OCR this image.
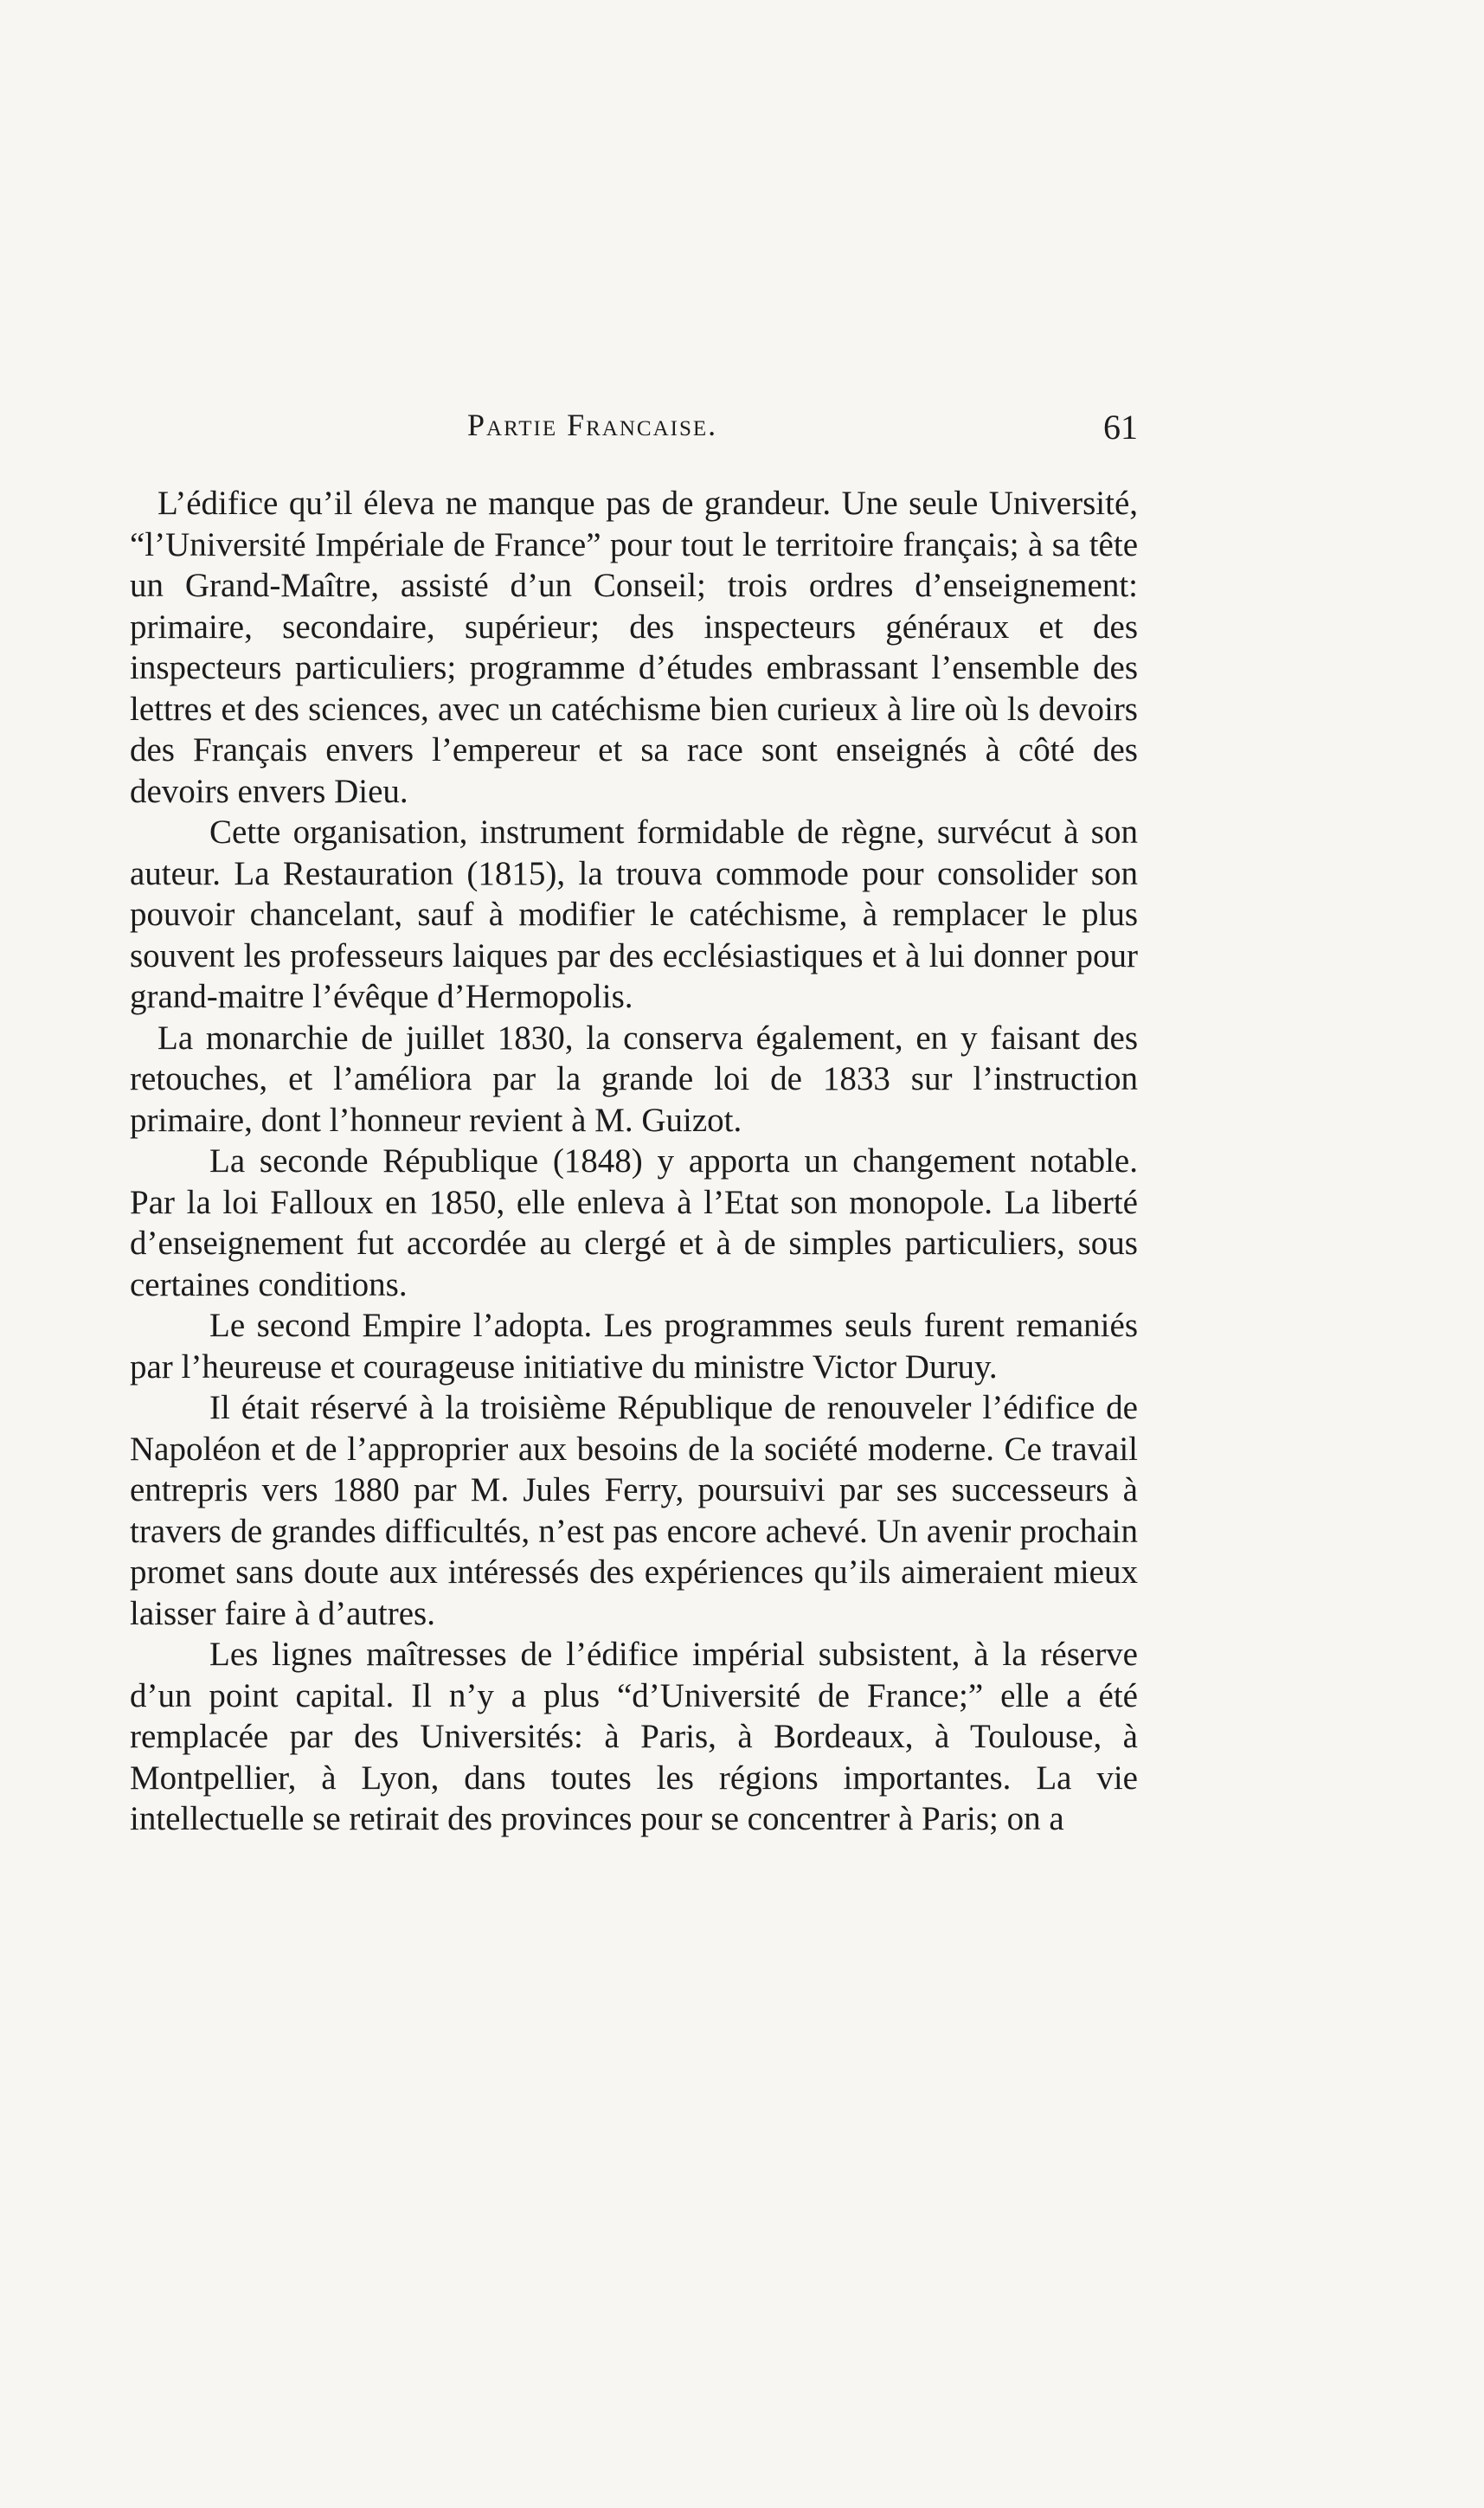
Partie Francaise.	61

L’édifice qu’il éleva ne manque pas de grandeur. Une seule Université, “l’Université Impériale de France” pour tout le territoire français; à sa tête un Grand-Maître, assisté d’un Conseil; trois ordres d’enseignement: primaire, secondaire, supérieur; des inspecteurs généraux et des inspecteurs particuliers; programme d’études embrassant l’ensemble des lettres et des sciences, avec un catéchisme bien curieux à lire où ls devoirs des Français envers l’empereur et sa race sont enseignés à côté des devoirs envers Dieu.

Cette organisation, instrument formidable de règne, survécut à son auteur. La Restauration (1815), la trouva commode pour consolider son pouvoir chancelant, sauf à modifier le catéchisme, à remplacer le plus souvent les professeurs laiques par des ecclésiastiques et à lui donner pour grand-maitre l’évêque d’Hermopolis.

La monarchie de juillet 1830, la conserva également, en y faisant des retouches, et l’améliora par la grande loi de 1833 sur l’instruction primaire, dont l’honneur revient à M. Guizot.

La seconde République (1848) y apporta un changement notable. Par la loi Falloux en 1850, elle enleva à l’Etat son monopole. La liberté d’enseignement fut accordée au clergé et à de simples particuliers, sous certaines conditions.

Le second Empire l’adopta. Les programmes seuls furent remaniés par l’heureuse et courageuse initiative du ministre Victor Duruy.

Il était réservé à la troisième République de renouveler l’édifice de Napoléon et de l’approprier aux besoins de la société moderne. Ce travail entrepris vers 1880 par M. Jules Ferry, poursuivi par ses successeurs à travers de grandes difficultés, n’est pas encore achevé. Un avenir prochain promet sans doute aux intéressés des expériences qu’ils aimeraient mieux laisser faire à d’autres.

Les lignes maîtresses de l’édifice impérial subsistent, à la réserve d’un point capital. Il n’y a plus “d’Université de France;” elle a été remplacée par des Universités: à Paris, à Bordeaux, à Toulouse, à Montpellier, à Lyon, dans toutes les régions importantes. La vie intellectuelle se retirait des provinces pour se concentrer à Paris; on a
